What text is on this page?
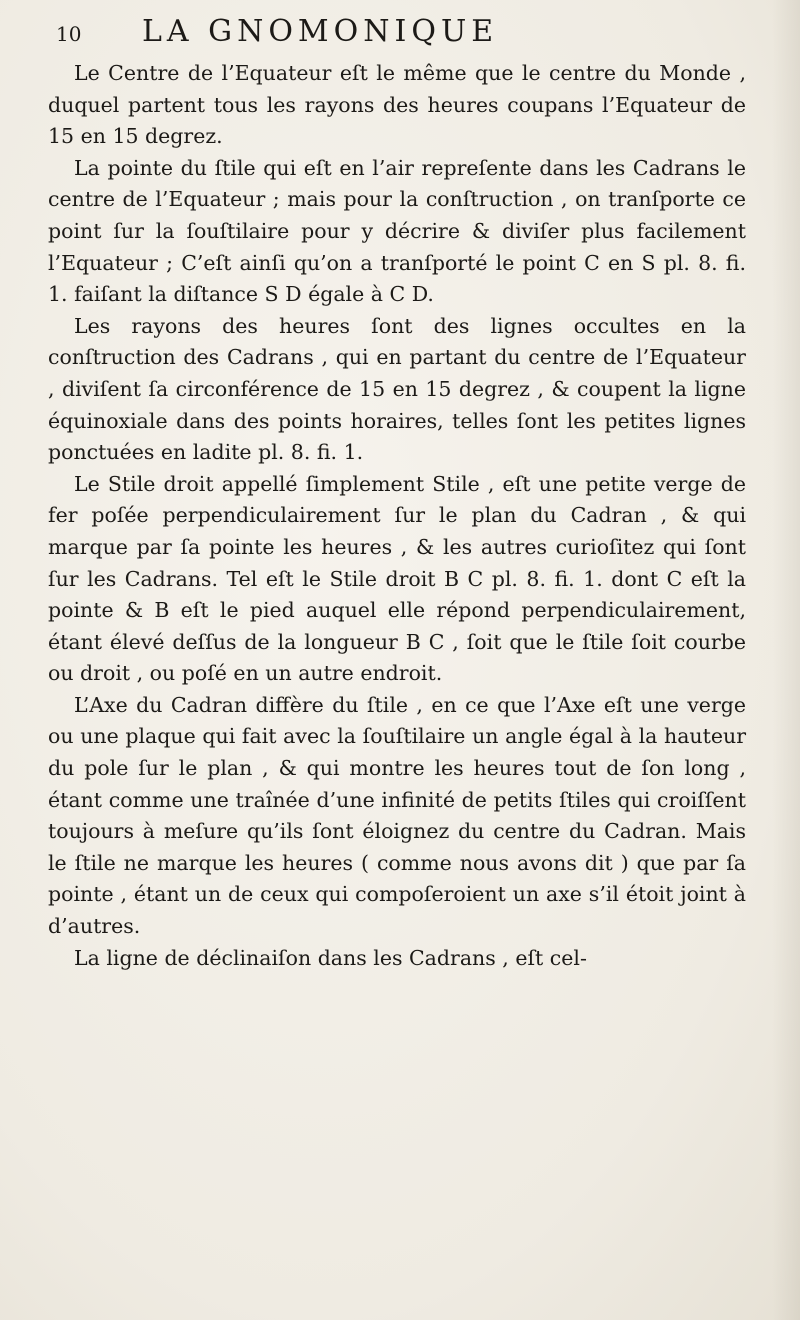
10	LA GNOMONIQUE

Le Centre de l’Equateur eſt le même que le centre du Monde , duquel partent tous les rayons des heures coupans l’Equateur de 15 en 15 degrez.

La pointe du ſtile qui eſt en l’air repreſente dans les Cadrans le centre de l’Equateur ; mais pour la conſtruction , on tranſporte ce point ſur la ſouſtilaire pour y décrire & diviſer plus facilement l’Equateur ; C’eſt ainſi qu’on a tranſporté le point C en S pl. 8. fi. 1. faiſant la diſtance S D égale à C D.

Les rayons des heures ſont des lignes occultes en la conſtruction des Cadrans , qui en partant du centre de l’Equateur , diviſent ſa circonférence de 15 en 15 degrez , & coupent la ligne équinoxiale dans des points horaires, telles ſont les petites lignes ponctuées en ladite pl. 8. fi. 1.

Le Stile droit appellé ſimplement Stile , eſt une petite verge de fer poſée perpendiculairement ſur le plan du Cadran , & qui marque par ſa pointe les heures , & les autres curioſitez qui ſont ſur les Cadrans. Tel eſt le Stile droit B C pl. 8. fi. 1. dont C eſt la pointe & B eſt le pied auquel elle répond perpendiculairement, étant élevé deſſus de la longueur B C , ſoit que le ſtile ſoit courbe ou droit , ou poſé en un autre endroit.

L’Axe du Cadran diffère du ſtile , en ce que l’Axe eſt une verge ou une plaque qui fait avec la ſouſtilaire un angle égal à la hauteur du pole ſur le plan , & qui montre les heures tout de ſon long , étant comme une traînée d’une infinité de petits ſtiles qui croiſſent toujours à meſure qu’ils ſont éloignez du centre du Cadran. Mais le ſtile ne marque les heures ( comme nous avons dit ) que par ſa pointe , étant un de ceux qui compoſeroient un axe s’il étoit joint à d’autres.

La ligne de déclinaiſon dans les Cadrans , eſt cel-
